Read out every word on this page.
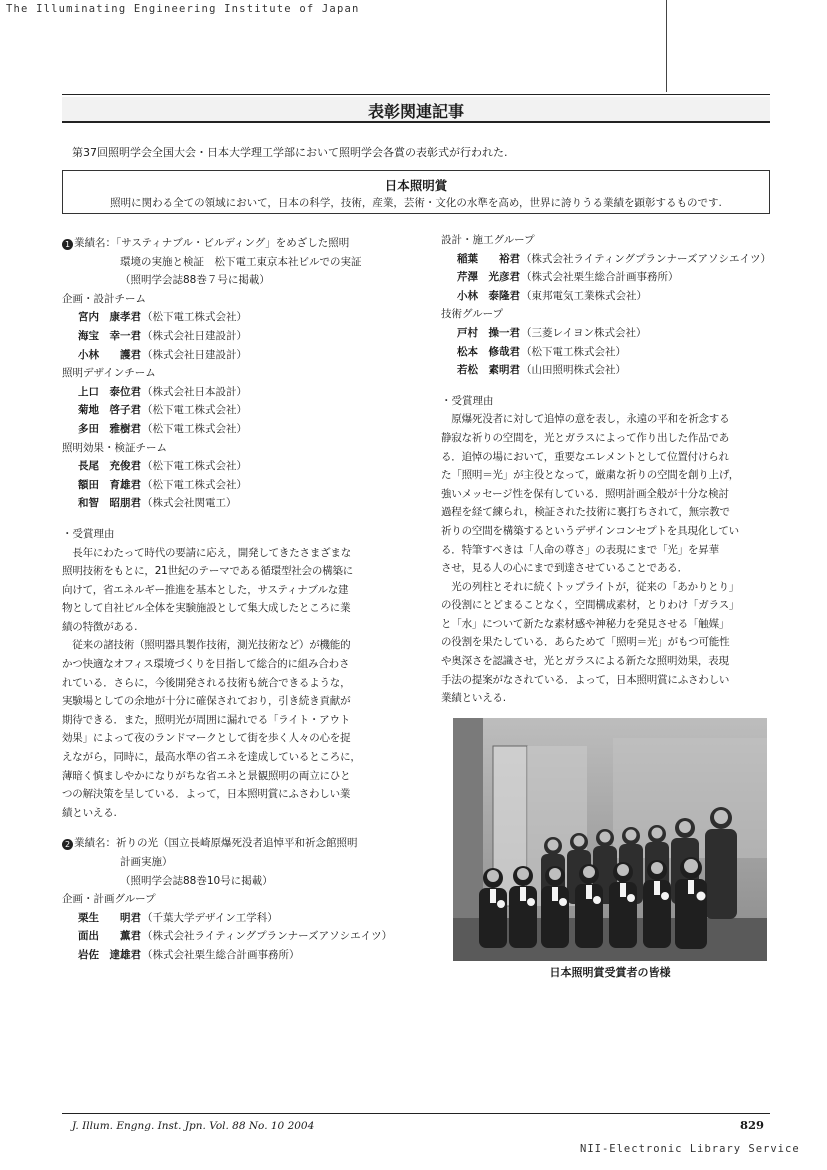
The Illuminating Engineering Institute of Japan
表彰関連記事
第37回照明学会全国大会・日本大学理工学部において照明学会各賞の表彰式が行われた.
日本照明賞
照明に関わる全ての領域において，日本の科学，技術，産業，芸術・文化の水準を高め，世界に誇りうる業績を顕彰するものです.
1 業績名：「サスティナブル・ビルディング」をめざした照明
環境の実施と検証　松下電工東京本社ビルでの実証
（照明学会誌88巻７号に掲載）
企画・設計チーム
宮内　康孝君 （松下電工株式会社）
海宝　幸一君 （株式会社日建設計）
小林　　護君 （株式会社日建設計）
照明デザインチーム
上口　泰位君 （株式会社日本設計）
菊地　啓子君 （松下電工株式会社）
多田　雅樹君 （松下電工株式会社）
照明効果・検証チーム
長尾　充俊君 （松下電工株式会社）
額田　育雄君 （松下電工株式会社）
和智　昭朋君 （株式会社関電工）
・受賞理由
　長年にわたって時代の要請に応え，開発してきたさまざまな
照明技術をもとに，21世紀のテーマである循環型社会の構築に
向けて，省エネルギー推進を基本とした，サスティナブルな建
物として自社ビル全体を実験施設として集大成したところに業
績の特徴がある.
　従来の諸技術（照明器具製作技術，測光技術など）が機能的
かつ快適なオフィス環境づくりを目指して総合的に組み合わさ
れている．さらに，今後開発される技術も統合できるような，
実験場としての余地が十分に確保されており，引き続き貢献が
期待できる．また，照明光が周囲に漏れでる「ライト・アウト
効果」によって夜のランドマークとして街を歩く人々の心を捉
えながら，同時に，最高水準の省エネを達成しているところに，
薄暗く慎ましやかになりがちな省エネと景観照明の両立にひと
つの解決策を呈している．よって，日本照明賞にふさわしい業
績といえる.
2 業績名：祈りの光（国立長崎原爆死没者追悼平和祈念館照明
計画実施）
（照明学会誌88巻10号に掲載）
企画・計画グループ
栗生　　明君 （千葉大学デザイン工学科）
面出　　薫君 （株式会社ライティングプランナーズアソシエイツ）
岩佐　達雄君 （株式会社栗生総合計画事務所）
設計・施工グループ
稲葉　　裕君 （株式会社ライティングプランナーズアソシエイツ）
芹澤　光彦君 （株式会社栗生総合計画事務所）
小林　泰隆君 （東邦電気工業株式会社）
技術グループ
戸村　操一君 （三菱レイヨン株式会社）
松本　修哉君 （松下電工株式会社）
若松　素明君 （山田照明株式会社）
・受賞理由
　原爆死没者に対して追悼の意を表し，永遠の平和を祈念する
静寂な祈りの空間を，光とガラスによって作り出した作品であ
る．追悼の場において，重要なエレメントとして位置付けられ
た「照明＝光」が主役となって，厳粛な祈りの空間を創り上げ，
強いメッセージ性を保有している．照明計画全般が十分な検討
過程を経て練られ，検証された技術に裏打ちされて，無宗教で
祈りの空間を構築するというデザインコンセプトを具現化してい
る．特筆すべきは「人命の尊さ」の表現にまで「光」を昇華
させ，見る人の心にまで到達させていることである．
　光の列柱とそれに続くトップライトが，従来の「あかりとり」
の役割にとどまることなく，空間構成素材，とりわけ「ガラス」
と「水」について新たな素材感や神秘力を発見させる「触媒」
の役割を果たしている．あらためて「照明＝光」がもつ可能性
や奥深さを認識させ，光とガラスによる新たな照明効果，表現
手法の提案がなされている．よって，日本照明賞にふさわしい
業績といえる.
日本照明賞受賞者の皆様
J. Illum. Engng. Inst. Jpn. Vol. 88 No. 10 2004	829
NII-Electronic Library Service
